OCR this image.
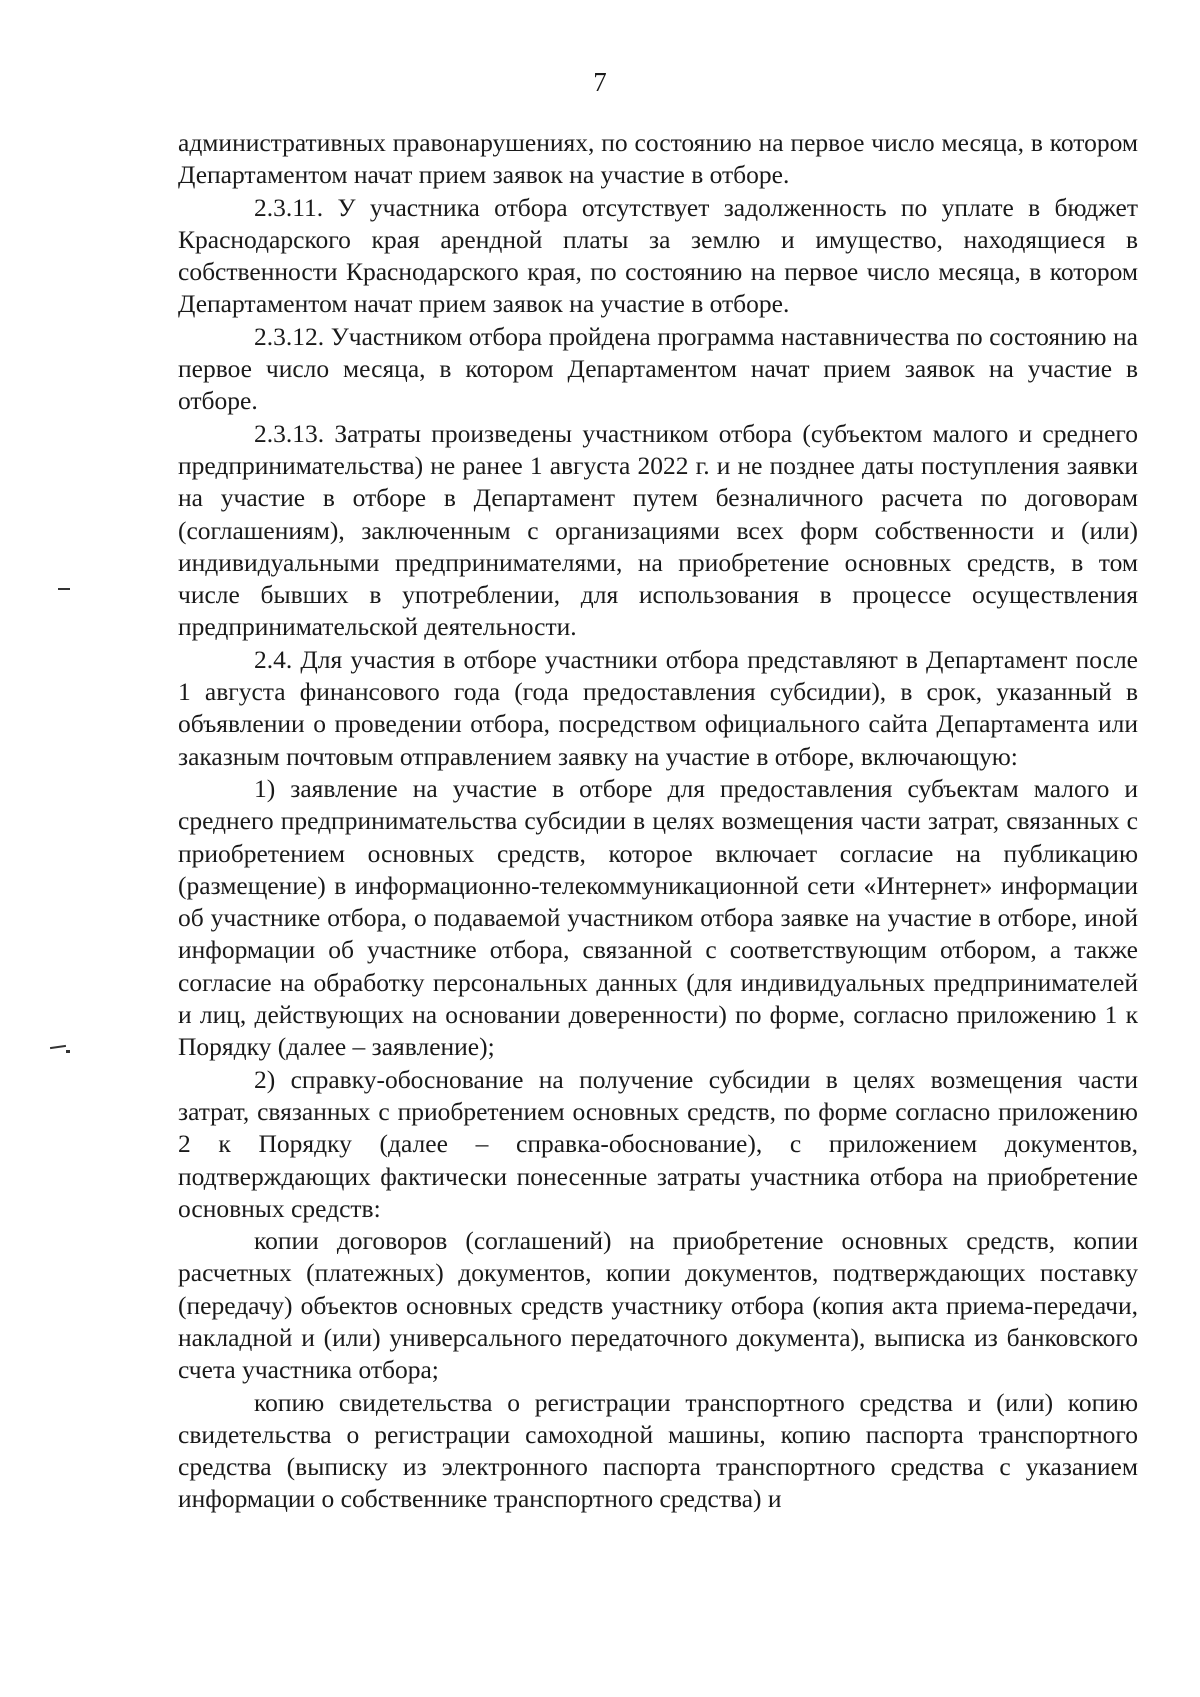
7

административных правонарушениях, по состоянию на первое число месяца, в котором Департаментом начат прием заявок на участие в отборе.

2.3.11. У участника отбора отсутствует задолженность по уплате в бюджет Краснодарского края арендной платы за землю и имущество, находящиеся в собственности Краснодарского края, по состоянию на первое число месяца, в котором Департаментом начат прием заявок на участие в отборе.

2.3.12. Участником отбора пройдена программа наставничества по состоянию на первое число месяца, в котором Департаментом начат прием заявок на участие в отборе.

2.3.13. Затраты произведены участником отбора (субъектом малого и среднего предпринимательства) не ранее 1 августа 2022 г. и не позднее даты поступления заявки на участие в отборе в Департамент путем безналичного расчета по договорам (соглашениям), заключенным с организациями всех форм собственности и (или) индивидуальными предпринимателями, на приобретение основных средств, в том числе бывших в употреблении, для использования в процессе осуществления предпринимательской деятельности.

2.4. Для участия в отборе участники отбора представляют в Департамент после 1 августа финансового года (года предоставления субсидии), в срок, указанный в объявлении о проведении отбора, посредством официального сайта Департамента или заказным почтовым отправлением заявку на участие в отборе, включающую:

1) заявление на участие в отборе для предоставления субъектам малого и среднего предпринимательства субсидии в целях возмещения части затрат, связанных с приобретением основных средств, которое включает согласие на публикацию (размещение) в информационно-телекоммуникационной сети «Интернет» информации об участнике отбора, о подаваемой участником отбора заявке на участие в отборе, иной информации об участнике отбора, связанной с соответствующим отбором, а также согласие на обработку персональных данных (для индивидуальных предпринимателей и лиц, действующих на основании доверенности) по форме, согласно приложению 1 к Порядку (далее – заявление);

2) справку-обоснование на получение субсидии в целях возмещения части затрат, связанных с приобретением основных средств, по форме согласно приложению 2 к Порядку (далее – справка-обоснование), с приложением документов, подтверждающих фактически понесенные затраты участника отбора на приобретение основных средств:

копии договоров (соглашений) на приобретение основных средств, копии расчетных (платежных) документов, копии документов, подтверждающих поставку (передачу) объектов основных средств участнику отбора (копия акта приема-передачи, накладной и (или) универсального передаточного документа), выписка из банковского счета участника отбора;

копию свидетельства о регистрации транспортного средства и (или) копию свидетельства о регистрации самоходной машины, копию паспорта транспортного средства (выписку из электронного паспорта транспортного средства с указанием информации о собственнике транспортного средства) и
